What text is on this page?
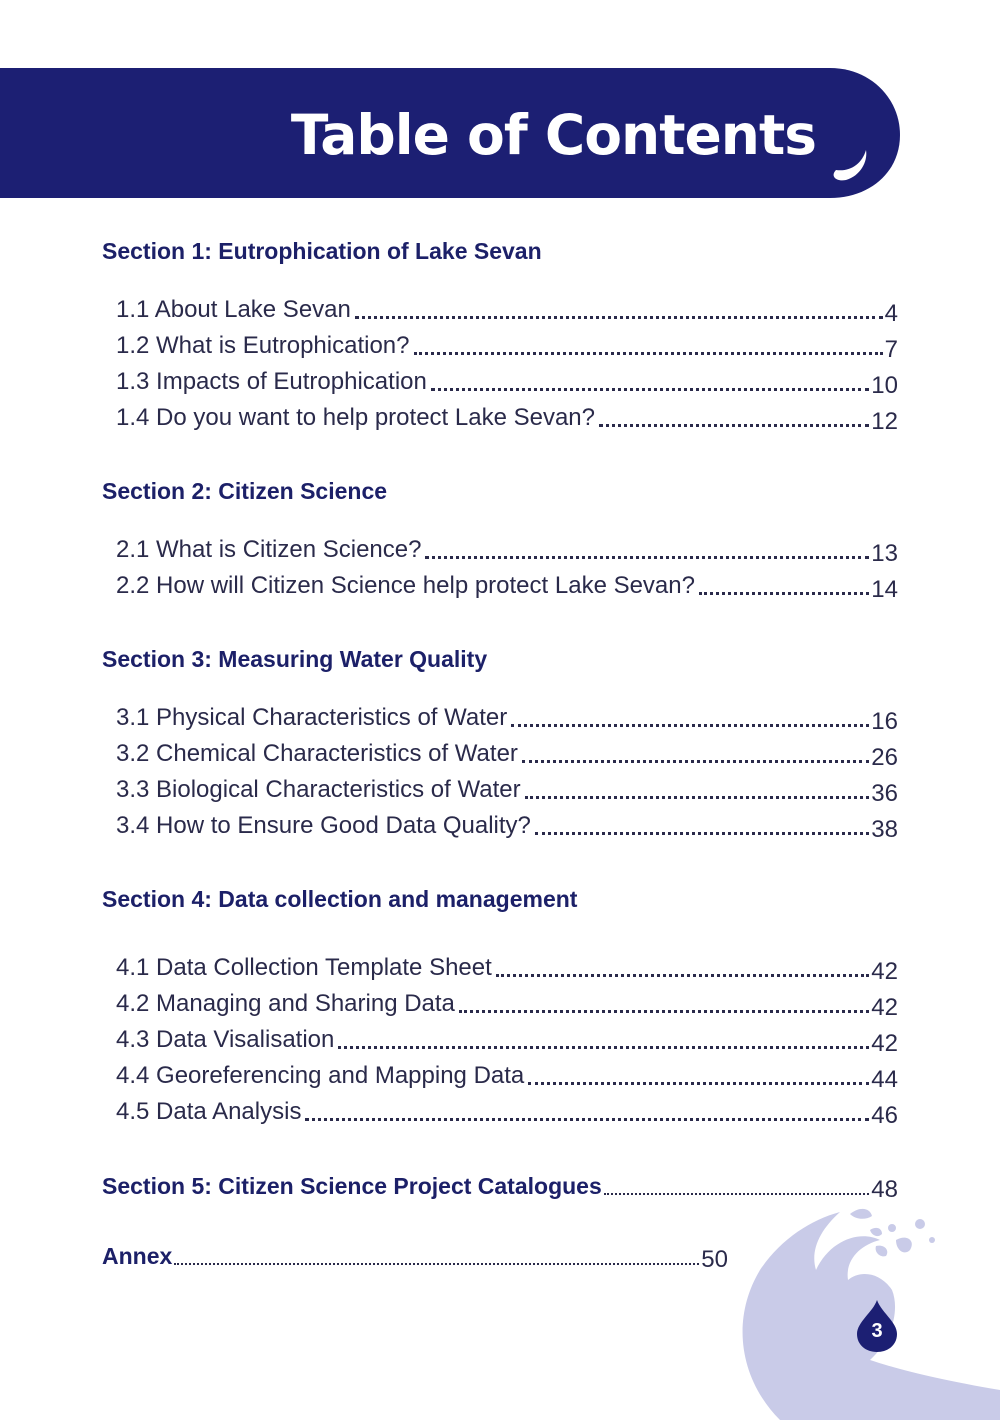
Table of Contents
Section 1: Eutrophication of Lake Sevan
1.1 About Lake Sevan	4
1.2 What is Eutrophication?	7
1.3 Impacts of Eutrophication	10
1.4 Do you want to help protect Lake Sevan?	12
Section 2: Citizen Science
2.1 What is Citizen Science?	13
2.2 How will Citizen Science help protect Lake Sevan?	14
Section 3: Measuring Water Quality
3.1 Physical Characteristics of Water	16
3.2 Chemical Characteristics of Water	26
3.3 Biological Characteristics of Water	36
3.4 How to Ensure Good Data Quality?	38
Section 4: Data collection and management
4.1 Data Collection Template Sheet	42
4.2 Managing and Sharing Data	42
4.3 Data Visalisation	42
4.4 Georeferencing and Mapping Data	44
4.5 Data Analysis	46
Section 5: Citizen Science Project Catalogues	48
Annex	50
3
